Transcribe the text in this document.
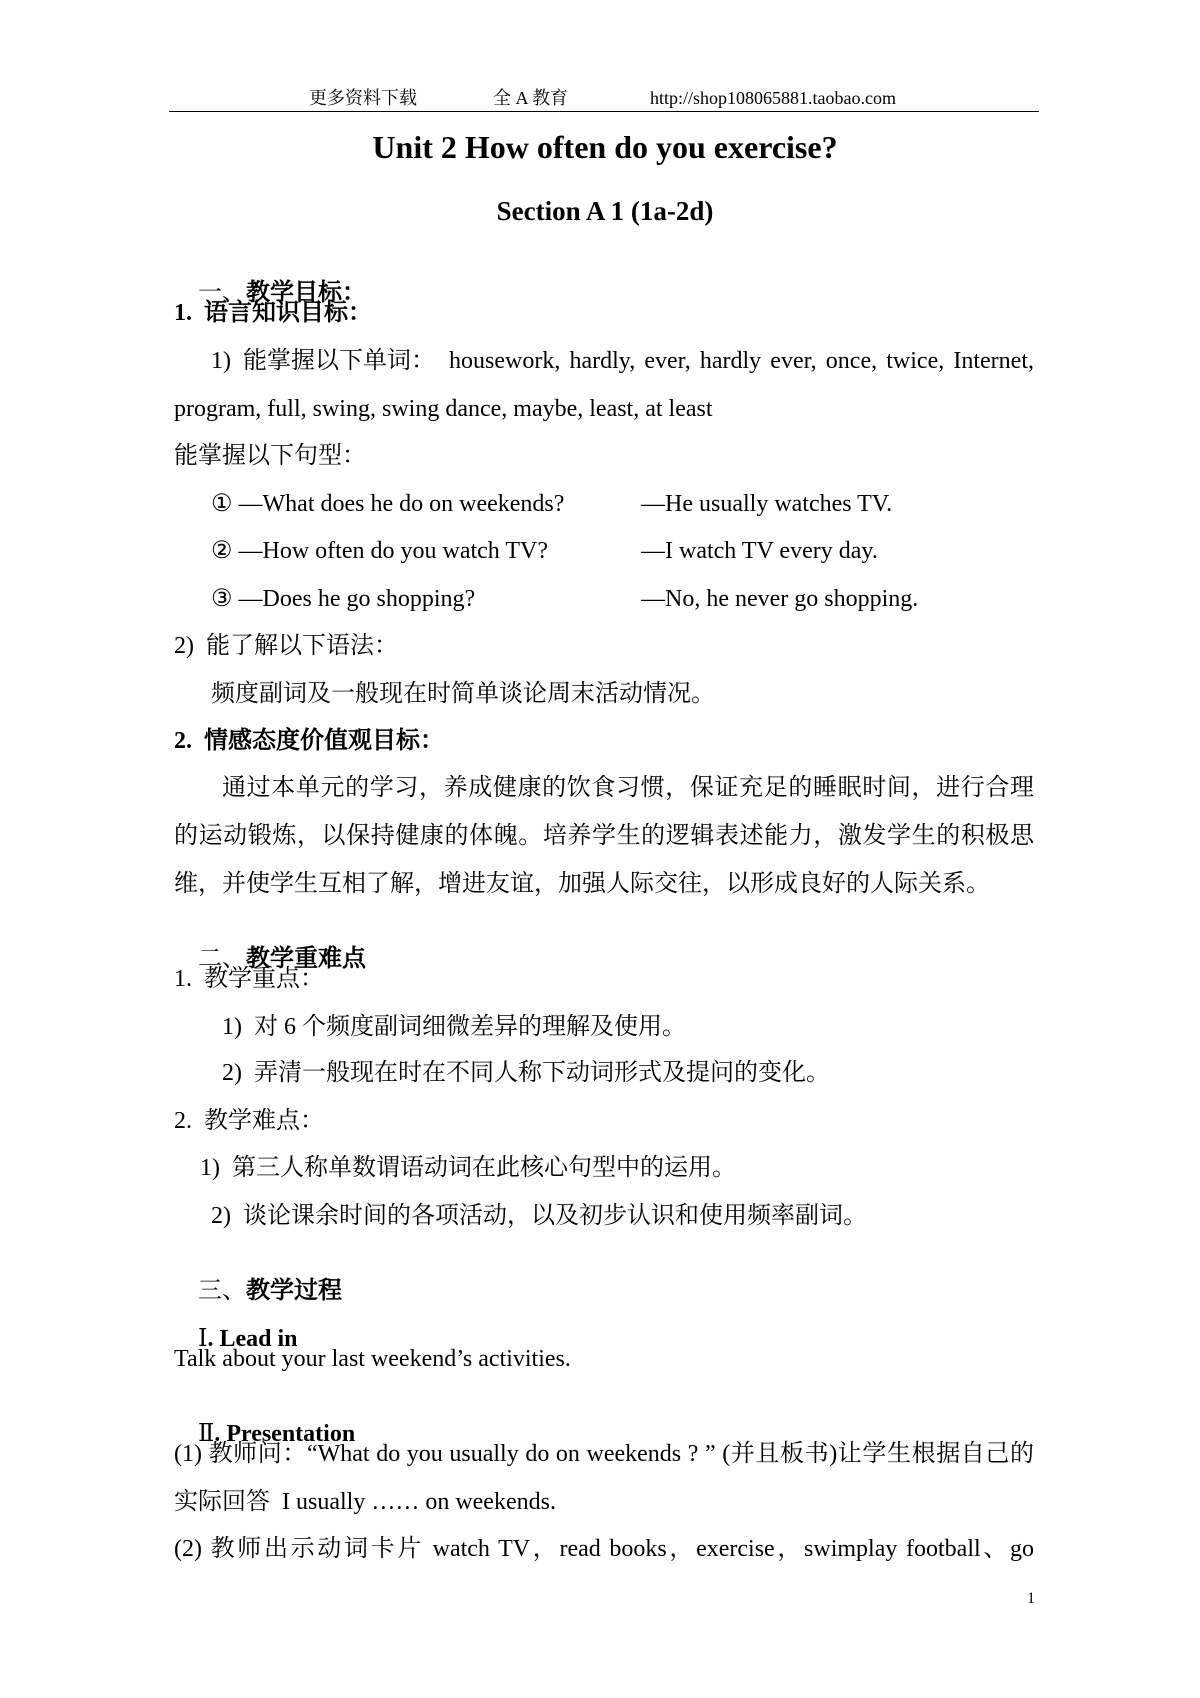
更多资料下载	全 A 教育	http://shop108065881.taobao.com
Unit 2 How often do you exercise?
Section A 1 (1a-2d)

一、教学目标：

1.  语言知识目标：
1)  能掌握以下单词： housework, hardly, ever, hardly ever, once, twice, Internet,
program, full, swing, swing dance, maybe, least, at least
能掌握以下句型：
① —What does he do on weekends?	—He usually watches TV.
② —How often do you watch TV?	—I watch TV every day.
③ —Does he go shopping?	—No, he never go shopping.
2)  能了解以下语法：
频度副词及一般现在时简单谈论周末活动情况。
2.  情感态度价值观目标：
通过本单元的学习，养成健康的饮食习惯，保证充足的睡眠时间，进行合理
的运动锻炼，以保持健康的体魄。培养学生的逻辑表述能力，激发学生的积极思
维，并使学生互相了解，增进友谊，加强人际交往，以形成良好的人际关系。

二、教学重难点

1.  教学重点：
1)  对 6 个频度副词细微差异的理解及使用。
2)  弄清一般现在时在不同人称下动词形式及提问的变化。
2.  教学难点：
1)  第三人称单数谓语动词在此核心句型中的运用。
2)  谈论课余时间的各项活动，以及初步认识和使用频率副词。

三、教学过程

Ⅰ. Lead in

Talk about your last weekend’s activities.

Ⅱ. Presentation

(1) 教师问：“What do you usually do on weekends ? ” (并且板书)让学生根据自己的
实际回答  I usually …… on weekends.
(2) 教师出示动词卡片 watch TV，read books，exercise，swimplay football、go
1
